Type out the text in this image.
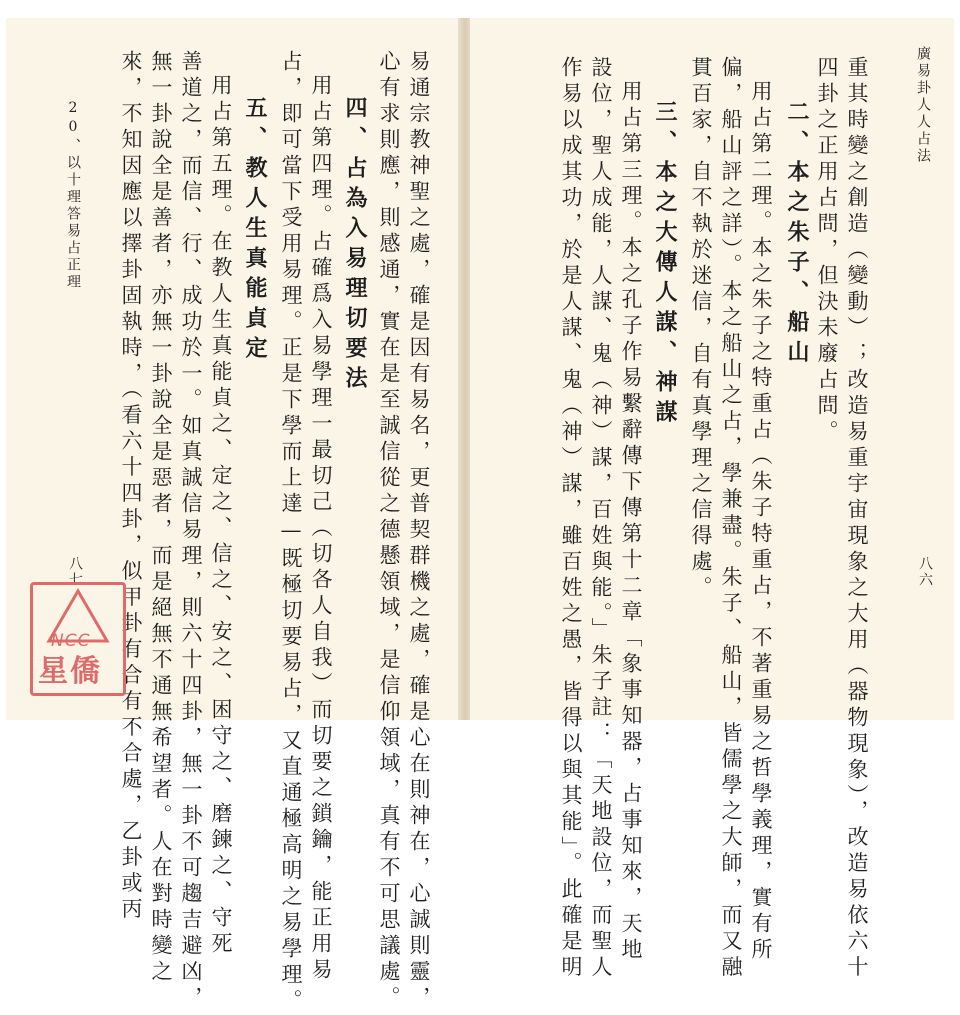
廣易卦人人占法
八六
重其時變之創造（變動）；改造易重宇宙現象之大用（器物現象），改造易依六十
四卦之正用占問，但決未廢占問。
二、本之朱子、船山
用占第二理。本之朱子之特重占（朱子特重占，不著重易之哲學義理，實有所
偏，船山評之詳）。本之船山之占，學兼盡。朱子、船山，皆儒學之大師，而又融
貫百家，自不執於迷信，自有真學理之信得處。
三、本之大傳人謀、神謀
用占第三理。本之孔子作易繫辭傳下傳第十二章「象事知器，占事知來，天地
設位，聖人成能，人謀、鬼（神）謀，百姓與能。」朱子註：「天地設位，而聖人
作易以成其功，於是人謀、鬼（神）謀，雖百姓之愚，皆得以與其能」。此確是明
易通宗教神聖之處，確是因有易名，更普契群機之處，確是心在則神在，心誠則靈，
心有求則應，則感通，實在是至誠信從之德懸領域，是信仰領域，真有不可思議處。
四、占為入易理切要法
用占第四理。占確爲入易學理一最切己（切各人自我）而切要之鎖鑰，能正用易
占，即可當下受用易理。正是下學而上達—既極切要易占，又直通極高明之易學理。
五、教人生真能貞定
用占第五理。在教人生真能貞之、定之、信之、安之、困守之、磨鍊之、守死
善道之，而信、行、成功於一。如真誠信易理，則六十四卦，無一卦不可趨吉避凶，
無一卦說全是善者，亦無一卦說全是惡者，而是絕無不通無希望者。人在對時變之
來，不知因應以擇卦固執時，（看六十四卦，似甲卦有合有不合處，乙卦或丙
20、以十理答易占正理
八七
NCC
星僑
